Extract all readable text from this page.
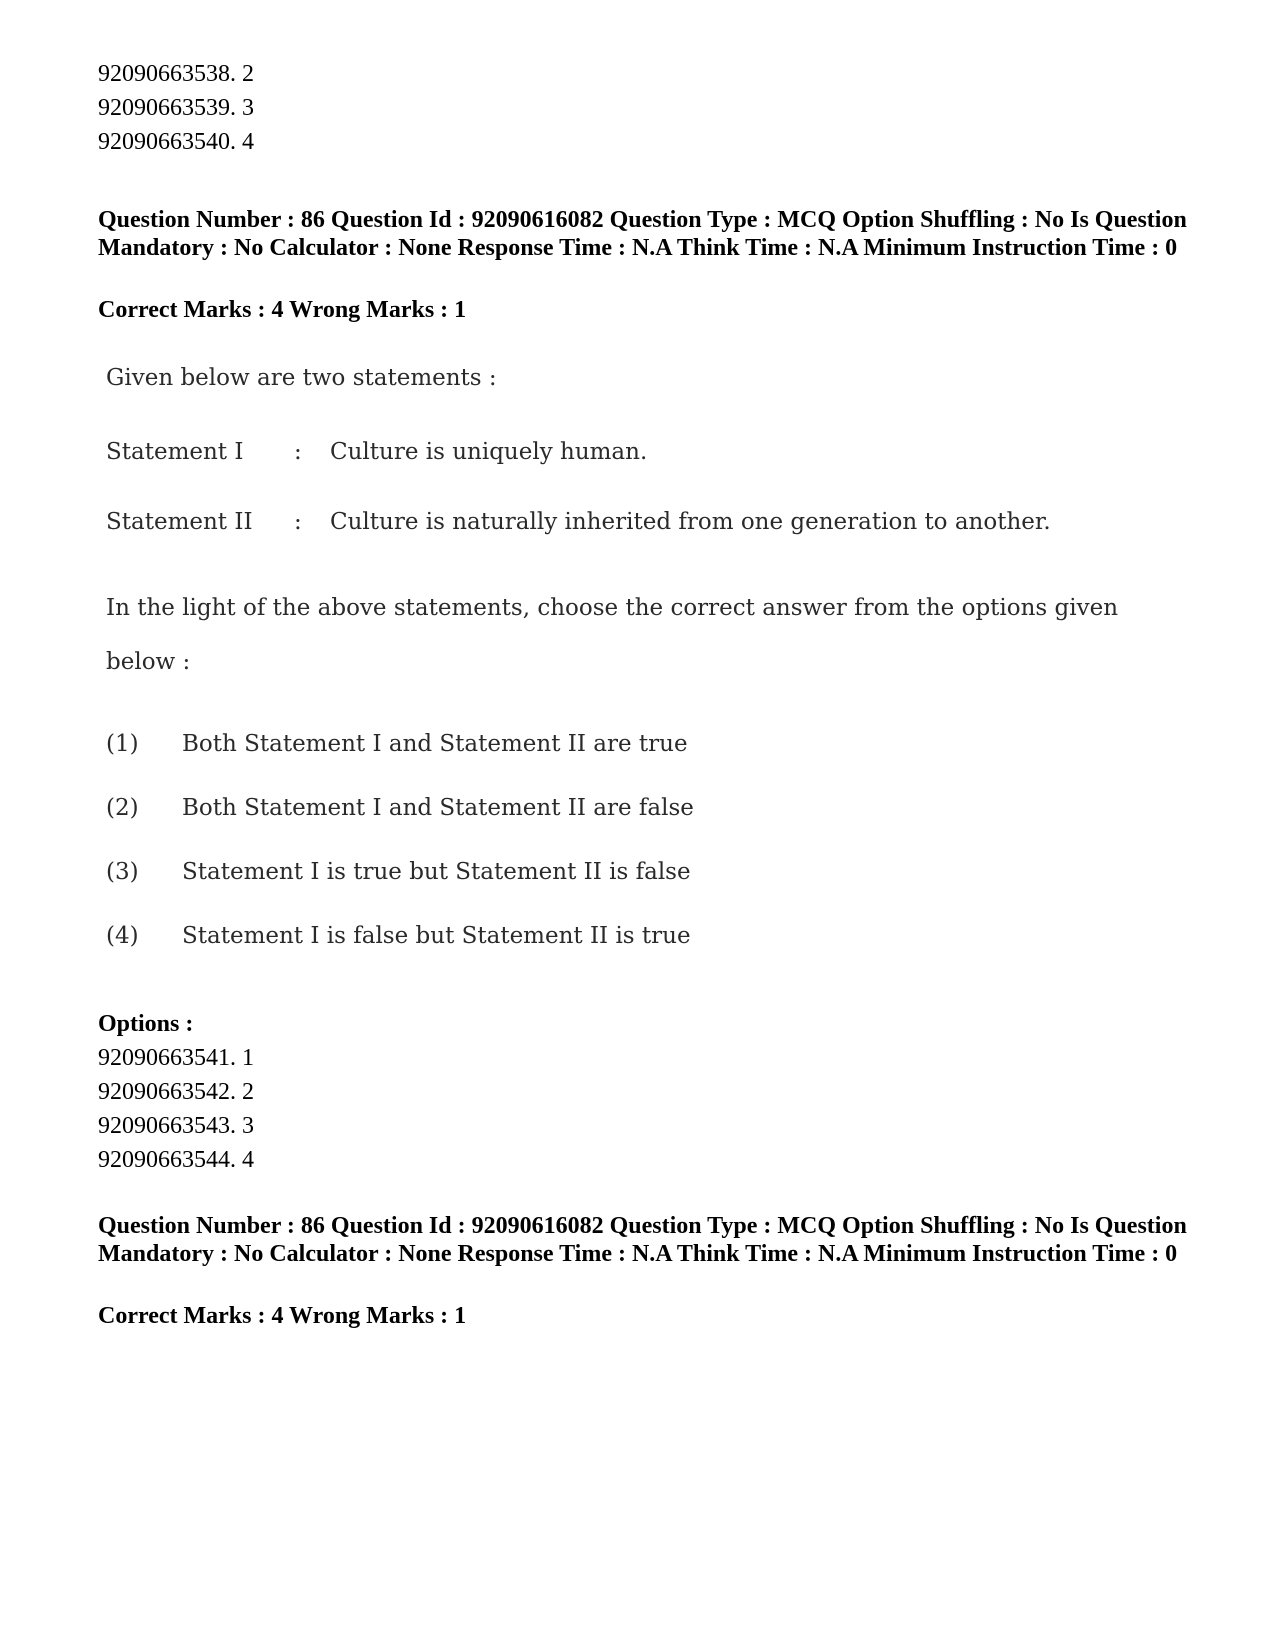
92090663538. 2
92090663539. 3
92090663540. 4
Question Number : 86 Question Id : 92090616082 Question Type : MCQ Option Shuffling : No Is Question Mandatory : No Calculator : None Response Time : N.A Think Time : N.A Minimum Instruction Time : 0
Correct Marks : 4 Wrong Marks : 1
Given below are two statements :
Statement I : Culture is uniquely human.
Statement II : Culture is naturally inherited from one generation to another.
In the light of the above statements, choose the correct answer from the options given
below :
(1) Both Statement I and Statement II are true
(2) Both Statement I and Statement II are false
(3) Statement I is true but Statement II is false
(4) Statement I is false but Statement II is true
Options :
92090663541. 1
92090663542. 2
92090663543. 3
92090663544. 4
Question Number : 86 Question Id : 92090616082 Question Type : MCQ Option Shuffling : No Is Question Mandatory : No Calculator : None Response Time : N.A Think Time : N.A Minimum Instruction Time : 0
Correct Marks : 4 Wrong Marks : 1
